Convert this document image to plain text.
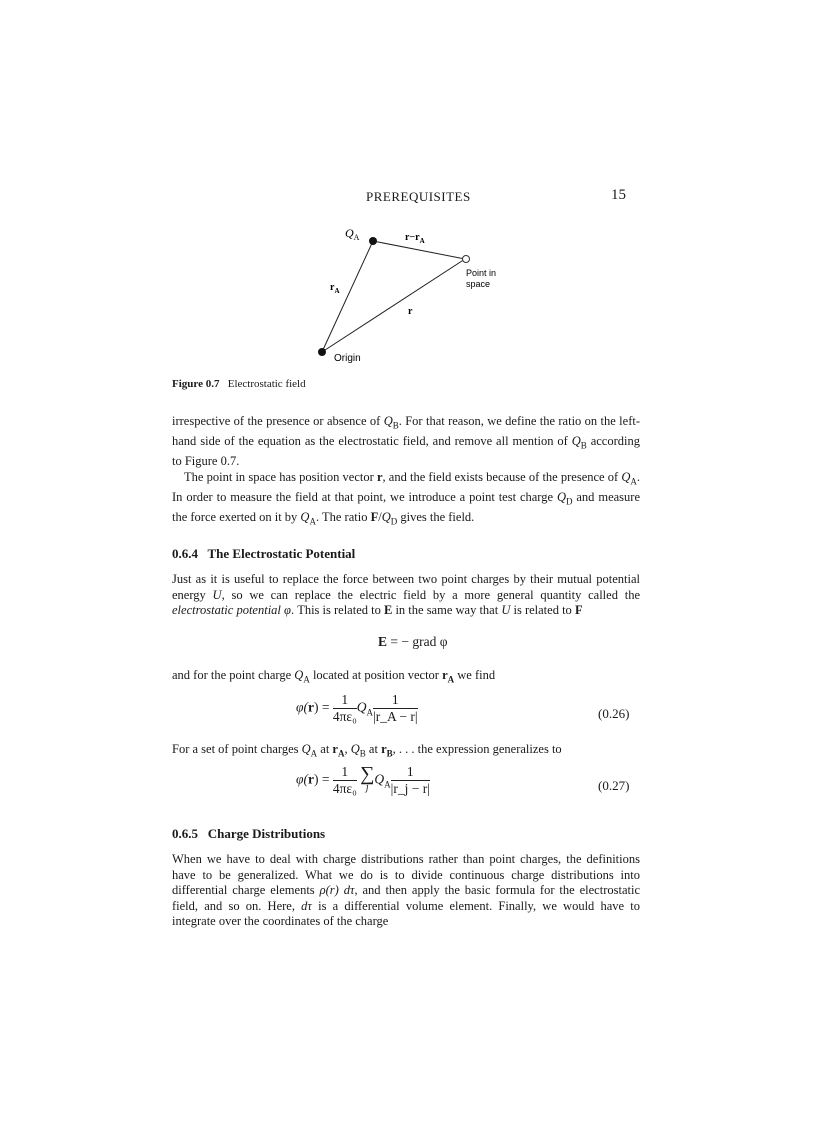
PREREQUISITES	15
$Q_A$	$r-r_A$
Point in
space
$r_A$
r
Origin
Figure 0.7 Electrostatic field

irrespective of the presence or absence of $Q_B$. For that reason, we define the ratio on the left-hand side of the equation as the electrostatic field, and remove all mention of $Q_B$ according to Figure 0.7.

The point in space has position vector r, and the field exists because of the presence of $Q_A$. In order to measure the field at that point, we introduce a point test charge $Q_D$ and measure the force exerted on it by $Q_A$. The ratio $F/Q_D$ gives the field.

0.6.4 The Electrostatic Potential

Just as it is useful to replace the force between two point charges by their mutual potential energy U, so we can replace the electric field by a more general quantity called the electrostatic potential φ. This is related to E in the same way that U is related to F

E = − grad φ

and for the point charge $Q_A$ located at position vector $r_A$ we find

$\varphi(r) = \frac{1}{\text{4πε₀}} Q_A \frac{1}{|r\_A - r|}$	(0.26)

For a set of point charges $Q_A$ at $r_A$, $Q_B$ at $r_B$, . . . the expression generalizes to

$\varphi(r) = \frac{1}{\text{4πε₀}}$
∑
j
$Q_A \frac{1}{|r\_j - r|}$	(0.27)
0.6.5 Charge Distributions

When we have to deal with charge distributions rather than point charges, the definitions have to be generalized. What we do is to divide continuous charge distributions into differential charge elements ρ(r) dτ, and then apply the basic formula for the electrostatic field, and so on. Here, dτ is a differential volume element. Finally, we would have to integrate over the coordinates of the charge
